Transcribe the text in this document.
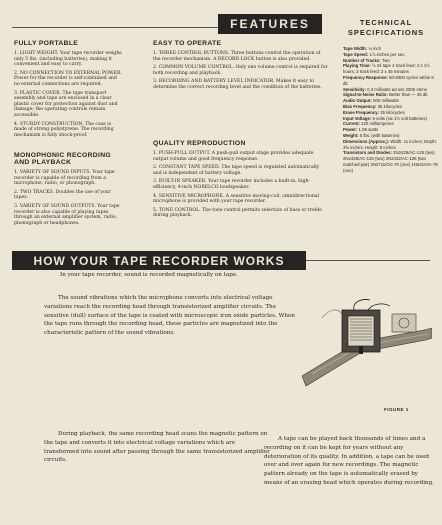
FEATURES	TECHNICAL SPECIFICATIONS
FULLY PORTABLE
1. LIGHT WEIGHT. Your tape recorder weighs only 5 lbs. (including batteries), making it convenient and easy to carry.
2. NO CONNECTION TO EXTERNAL POWER. Power for the recorder is self-contained and no external connections are required.
3. PLASTIC COVER. The tape transport assembly and tape are enclosed in a clear plastic cover for protection against dust and damage; the operating controls remain accessible.
4. STURDY CONSTRUCTION. The case is made of strong polystyrene. The recording mechanism is fully shock-proof.
MONOPHONIC RECORDING AND PLAYBACK
1. VARIETY OF SOUND INPUTS. Your tape recorder is capable of recording from a microphone, radio, or phonograph.
2. TWO TRACKS. Doubles the use of your tapes.
3. VARIETY OF SOUND OUTPUTS. Your tape recorder is also capable of playing tapes through an external amplifier system, radio, phonograph or headphones.
EASY TO OPERATE
1. THREE CONTROL BUTTONS. Three buttons control the operation of the recorder mechanism. A RECORD LOCK button is also provided.
2. COMMON VOLUME CONTROL. Only one volume control is required for both recording and playback.
3. RECORDING AND BATTERY LEVEL INDICATOR. Makes it easy to determine the correct recording level and the condition of the batteries.
QUALITY REPRODUCTION
1. PUSH-PULL OUTPUT. A push-pull output stage provides adequate output volume and good frequency response.
2. CONSTANT TAPE SPEED. The tape speed is regulated automatically and is independent of battery voltage.
3. BUILT-IN SPEAKER. Your tape recorder includes a built-in, high-efficiency, 4-inch NORELCO loudspeaker.
4. SENSITIVE MICROPHONE. A sensitive moving-coil, omnidirectional microphone is provided with your tape recorder.
5. TONE CONTROL. The tone control permits selection of bass or treble during playback.
Tape Width: ¼ inch
Tape Speed: 1⅞ inches per sec.
Number of Tracks: Two
Playing Time: ½ ml tape 4 track feed: 2 x 1½ hours; 3 track feed: 2 x 45 minutes
Frequency Response: 60-6000 cycles within 6 db
Sensitivity: 0.3 millivolts across 2000 ohms
Signal-to-Noise Ratio: Better than — 45 db
Audio Output: 500 milliwatts
Bias Frequency: 35 kilocycles
Erase Frequency: 35 kilocycles
Input Voltage: 9 volts (six 1½ volt batteries)
Current: 120 milliamperes
Power: 1.08 watts
Weight: 5 lbs. (with batteries)
Dimensions (Approx.): Width: 11 inches; Depth: 3⅝ inches; Height: 8 inches
Transistors and Diodes: 2N2428/AC-125 (two) 2N2428/AC-125 (two) 2N2432/AC-128 (two matched pair) 2N2711/OC-70 (one) 1N541/OA-79 (one)
HOW YOUR TAPE RECORDER WORKS
In your tape recorder, sound is recorded magnetically on tape.
The sound vibrations which the microphone converts into electrical voltage variations reach the recording head through transistorized amplifier circuits. The sensitive (dull) surface of the tape is coated with microscopic iron oxide particles. When the tape runs through the recording head, these particles are magnetized into the characteristic pattern of the sound vibrations.
During playback, the same recording head scans the magnetic pattern on the tape and converts it into electrical voltage variations which are transformed into sound after passing through the same transistorized amplifier circuits.
A tape can be played back thousands of times and a recording on it can be kept for years without any deterioration of its quality. In addition, a tape can be used over and over again for new recordings. The magnetic pattern already on the tape is automatically erased by means of an erasing head which operates during recording.
FIGURE 1
